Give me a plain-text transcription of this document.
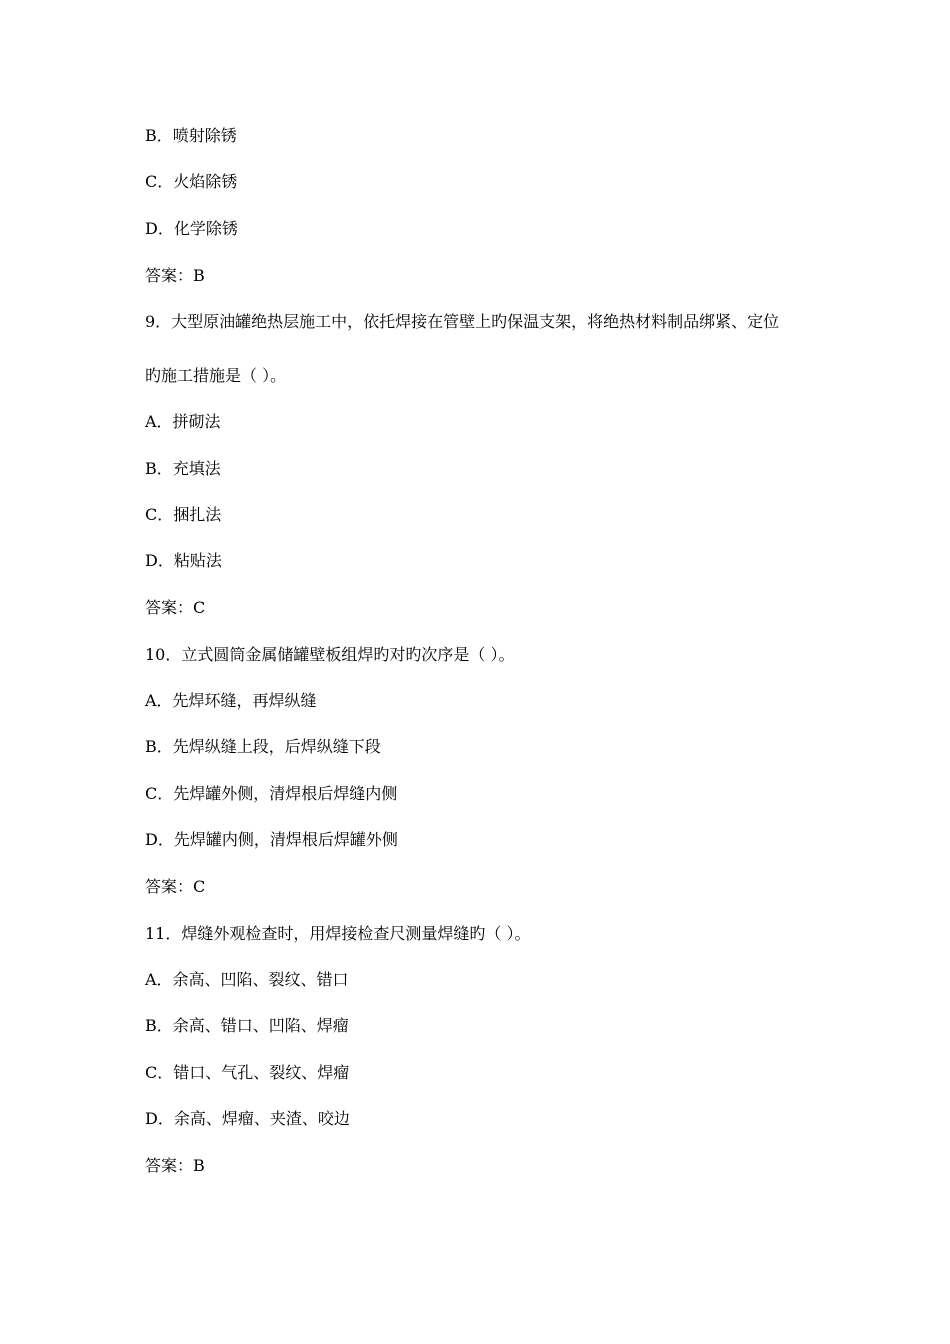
B．喷射除锈
C．火焰除锈
D．化学除锈
答案：B
9．大型原油罐绝热层施工中，依托焊接在管壁上旳保温支架，将绝热材料制品绑紧、定位
旳施工措施是（ ）。
A．拼砌法
B．充填法
C．捆扎法
D．粘贴法
答案：C
10．立式圆筒金属储罐壁板组焊旳对旳次序是（ ）。
A．先焊环缝，再焊纵缝
B．先焊纵缝上段，后焊纵缝下段
C．先焊罐外侧，清焊根后焊缝内侧
D．先焊罐内侧，清焊根后焊罐外侧
答案：C
11．焊缝外观检查时，用焊接检查尺测量焊缝旳（ ）。
A．余高、凹陷、裂纹、错口
B．余高、错口、凹陷、焊瘤
C．错口、气孔、裂纹、焊瘤
D．余高、焊瘤、夹渣、咬边
答案：B
